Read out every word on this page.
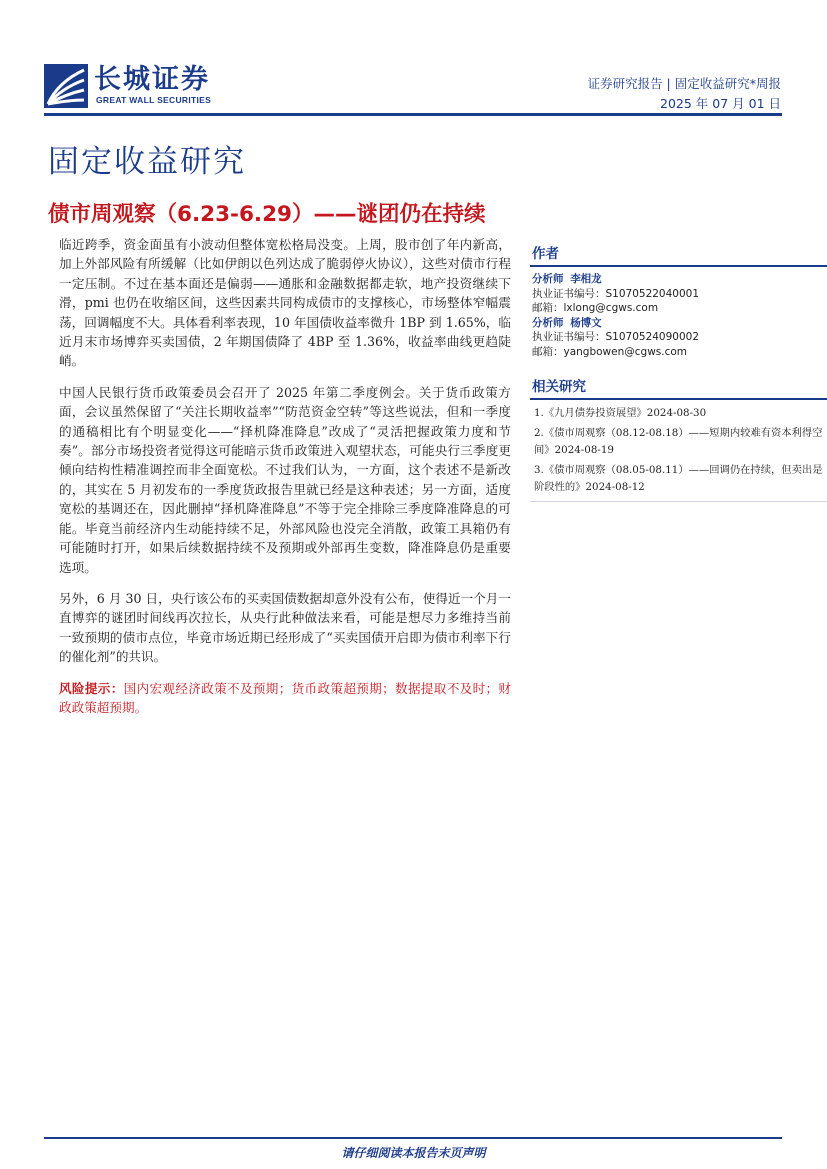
长城证券
GREAT WALL SECURITIES
证券研究报告 | 固定收益研究*周报
2025 年 07 月 01 日
固定收益研究
债市周观察（6.23-6.29）——谜团仍在持续

临近跨季，资金面虽有小波动但整体宽松格局没变。上周，股市创了年内新高，加上外部风险有所缓解（比如伊朗以色列达成了脆弱停火协议），这些对债市行程一定压制。不过在基本面还是偏弱——通胀和金融数据都走软，地产投资继续下滑，pmi 也仍在收缩区间，这些因素共同构成债市的支撑核心，市场整体窄幅震荡，回调幅度不大。具体看利率表现，10 年国债收益率微升 1BP 到 1.65%，临近月末市场博弈买卖国债，2 年期国债降了 4BP 至 1.36%，收益率曲线更趋陡峭。

中国人民银行货币政策委员会召开了 2025 年第二季度例会。关于货币政策方面，会议虽然保留了“关注长期收益率”“防范资金空转”等这些说法，但和一季度的通稿相比有个明显变化——“择机降准降息”改成了“灵活把握政策力度和节奏”。部分市场投资者觉得这可能暗示货币政策进入观望状态，可能央行三季度更倾向结构性精准调控而非全面宽松。不过我们认为，一方面，这个表述不是新改的，其实在 5 月初发布的一季度货政报告里就已经是这种表述；另一方面，适度宽松的基调还在，因此删掉“择机降准降息”不等于完全排除三季度降准降息的可能。毕竟当前经济内生动能持续不足，外部风险也没完全消散，政策工具箱仍有可能随时打开，如果后续数据持续不及预期或外部再生变数，降准降息仍是重要选项。

另外，6 月 30 日，央行该公布的买卖国债数据却意外没有公布，使得近一个月一直博弈的谜团时间线再次拉长，从央行此种做法来看，可能是想尽力多维持当前一致预期的债市点位，毕竟市场近期已经形成了“买卖国债开启即为债市利率下行的催化剂”的共识。

风险提示：国内宏观经济政策不及预期；货币政策超预期；数据提取不及时；财政政策超预期。

作者
分析师 李相龙
执业证书编号：S1070522040001
邮箱：lxlong@cgws.com
分析师 杨博文
执业证书编号：S1070524090002
邮箱：yangbowen@cgws.com
相关研究
1.《九月债券投资展望》2024-08-30
2.《债市周观察（08.12-08.18）——短期内较难有资本利得空间》2024-08-19
3.《债市周观察（08.05-08.11）——回调仍在持续，但卖出是阶段性的》2024-08-12
请仔细阅读本报告末页声明
